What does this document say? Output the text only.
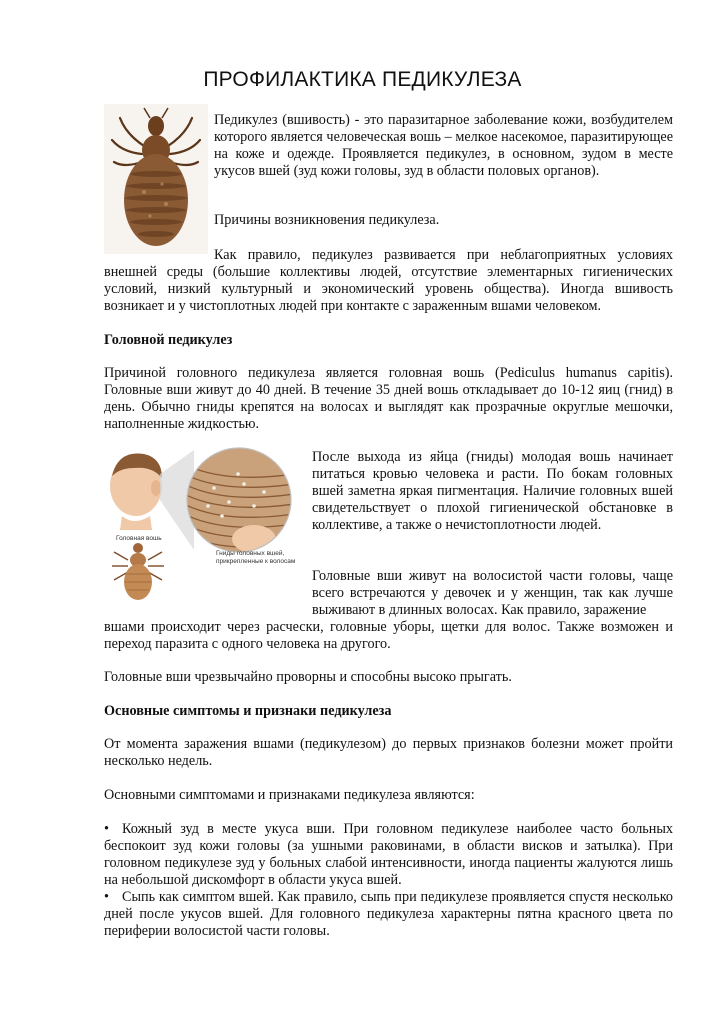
ПРОФИЛАКТИКА ПЕДИКУЛЕЗА

Педикулез (вшивость) - это паразитарное заболевание кожи, возбудителем которого является человеческая вошь – мелкое насекомое, паразитирующее на коже и одежде. Проявляется педикулез, в основном, зудом в месте укусов вшей (зуд кожи головы, зуд в области половых органов).

Причины возникновения педикулеза.

Как правило, педикулез развивается при неблагоприятных условиях

внешней среды (большие коллективы людей, отсутствие элементарных гигиенических условий, низкий культурный и экономический уровень общества). Иногда вшивость возникает и у чистоплотных людей при контакте с зараженным вшами человеком.

Головной педикулез

Причиной головного педикулеза является головная вошь (Pediculus humanus capitis). Головные вши живут до 40 дней. В течение 35 дней вошь откладывает до 10-12 яиц (гнид) в день. Обычно гниды крепятся на волосах и выглядят как прозрачные округлые мешочки, наполненные жидкостью.

Головная вошь
Гниды головных вшей,
прикрепленные к волосам

После выхода из яйца (гниды) молодая вошь начинает питаться кровью человека и расти. По бокам головных вшей заметна яркая пигментация. Наличие головных вшей свидетельствует о плохой гигиенической обстановке в коллективе, а также о нечистоплотности людей.

Головные вши живут на волосистой части головы, чаще всего встречаются у девочек и у женщин, так как лучше выживают в длинных волосах. Как правило, заражение

вшами происходит через расчески, головные уборы, щетки для волос. Также возможен и переход паразита с одного человека на другого.

Головные вши чрезвычайно проворны и способны высоко прыгать.

Основные симптомы и признаки педикулеза

От момента заражения вшами (педикулезом) до первых признаков болезни может пройти несколько недель.

Основными симптомами и признаками педикулеза являются:

• Кожный зуд в месте укуса вши. При головном педикулезе наиболее часто больных беспокоит зуд кожи головы (за ушными раковинами, в области висков и затылка). При головном педикулезе зуд у больных слабой интенсивности, иногда пациенты жалуются лишь на небольшой дискомфорт в области укуса вшей.

• Сыпь как симптом вшей. Как правило, сыпь при педикулезе проявляется спустя несколько дней после укусов вшей. Для головного педикулеза характерны пятна красного цвета по периферии волосистой части головы.
